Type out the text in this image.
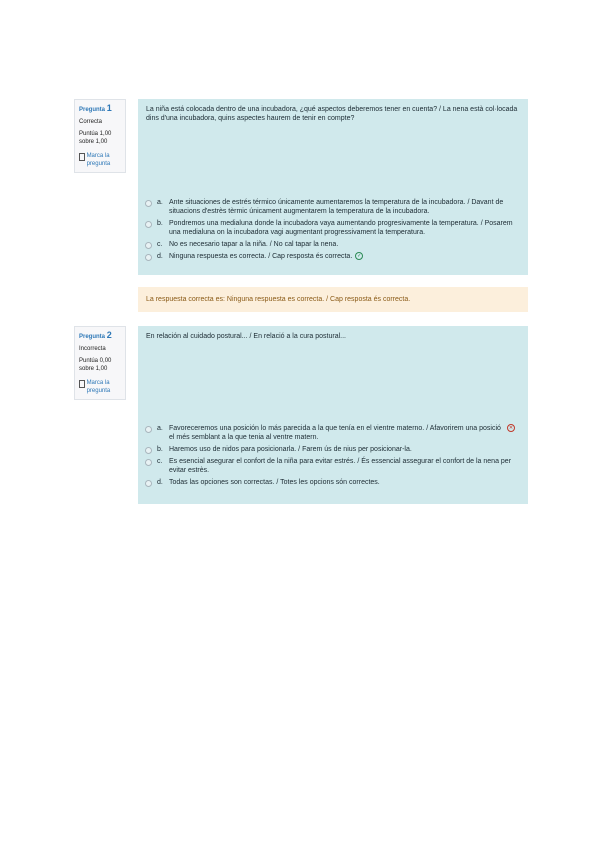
Pregunta 1
Correcta
Puntúa 1,00 sobre 1,00
Marca la pregunta
La niña está colocada dentro de una incubadora, ¿qué aspectos deberemos tener en cuenta? / La nena està col·locada dins d'una incubadora, quins aspectes haurem de tenir en compte?
a. Ante situaciones de estrés térmico únicamente aumentaremos la temperatura de la incubadora. / Davant de situacions d'estrès tèrmic únicament augmentarem la temperatura de la incubadora.
b. Pondremos una medialuna donde la incubadora vaya aumentando progresivamente la temperatura. / Posarem una medialuna on la incubadora vagi augmentant progressivament la temperatura.
c. No es necesario tapar a la niña. / No cal tapar la nena.
d. Ninguna respuesta es correcta. / Cap resposta és correcta. ✓
La respuesta correcta es: Ninguna respuesta es correcta. / Cap resposta és correcta.
Pregunta 2
Incorrecta
Puntúa 0,00 sobre 1,00
Marca la pregunta
En relación al cuidado postural... / En relació a la cura postural...
a. Favoreceremos una posición lo más parecida a la que tenía en el vientre materno. / Afavorirem una posició el més semblant a la que tenia al ventre matern.
✕
b. Haremos uso de nidos para posicionarla. / Farem ús de nius per posicionar-la.
c. Es esencial asegurar el confort de la niña para evitar estrés. / És essencial assegurar el confort de la nena per evitar estrès.
d. Todas las opciones son correctas. / Totes les opcions són correctes.
